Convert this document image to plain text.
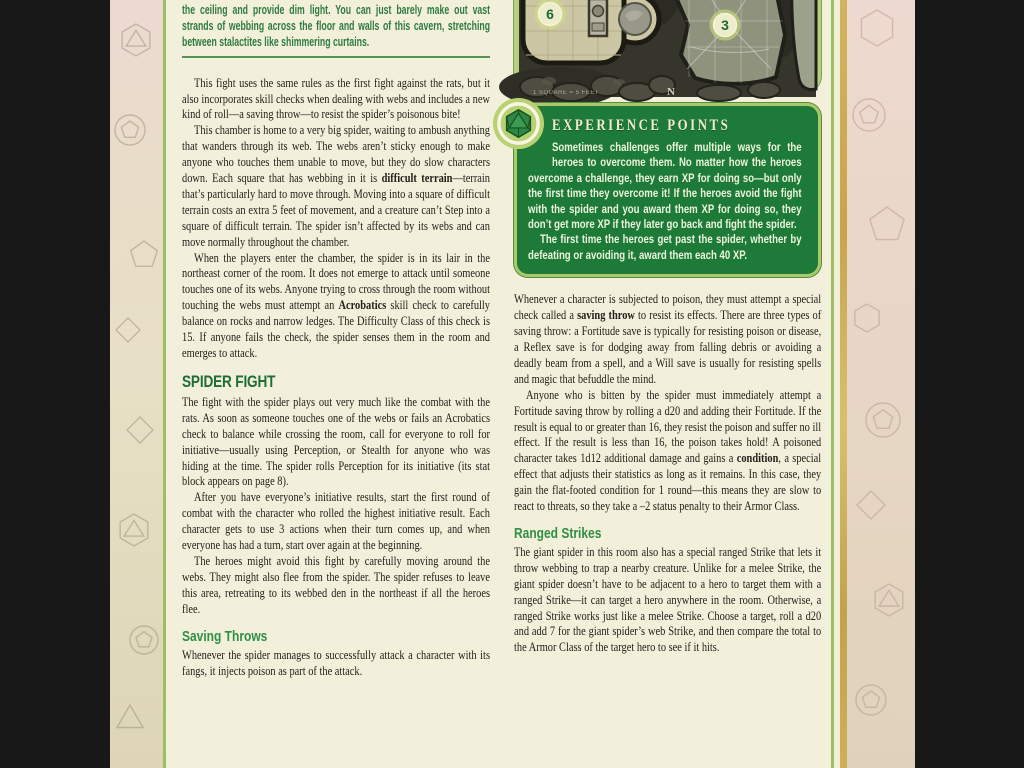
the ceiling and provide dim light. You can just barely make out vast strands of webbing across the floor and walls of this cavern, stretching between stalactites like shimmering curtains.

This fight uses the same rules as the first fight against the rats, but it also incorporates skill checks when dealing with webs and includes a new kind of roll—a saving throw—to resist the spider’s poisonous bite!

This chamber is home to a very big spider, waiting to ambush anything that wanders through its web. The webs aren’t sticky enough to make anyone who touches them unable to move, but they do slow characters down. Each square that has webbing in it is difficult terrain—terrain that’s particularly hard to move through. Moving into a square of difficult terrain costs an extra 5 feet of movement, and a creature can’t Step into a square of difficult terrain. The spider isn’t affected by its webs and can move normally throughout the chamber.

When the players enter the chamber, the spider is in its lair in the northeast corner of the room. It does not emerge to attack until someone touches one of its webs. Anyone trying to cross through the room without touching the webs must attempt an Acrobatics skill check to carefully balance on rocks and narrow ledges. The Difficulty Class of this check is 15. If anyone fails the check, the spider senses them in the room and emerges to attack.

SPIDER FIGHT

The fight with the spider plays out very much like the combat with the rats. As soon as someone touches one of the webs or fails an Acrobatics check to balance while crossing the room, call for everyone to roll for initiative—usually using Perception, or Stealth for anyone who was hiding at the time. The spider rolls Perception for its initiative (its stat block appears on page 8).

After you have everyone’s initiative results, start the first round of combat with the character who rolled the highest initiative result. Each character gets to use 3 actions when their turn comes up, and when everyone has had a turn, start over again at the beginning.

The heroes might avoid this fight by carefully moving around the webs. They might also flee from the spider. The spider refuses to leave this area, retreating to its webbed den in the northeast if all the heroes flee.

Saving Throws

Whenever the spider manages to successfully attack a character with its fangs, it injects poison as part of the attack.

6
3
N
1 SQUARE = 5 FEET
EXPERIENCE POINTS

Sometimes challenges offer multiple ways for the heroes to overcome them. No matter how the heroes overcome a challenge, they earn XP for doing so—but only the first time they overcome it! If the heroes avoid the fight with the spider and you award them XP for doing so, they don’t get more XP if they later go back and fight the spider.

The first time the heroes get past the spider, whether by defeating or avoiding it, award them each 40 XP.

Whenever a character is subjected to poison, they must attempt a special check called a saving throw to resist its effects. There are three types of saving throw: a Fortitude save is typically for resisting poison or disease, a Reflex save is for dodging away from falling debris or avoiding a deadly beam from a spell, and a Will save is usually for resisting spells and magic that befuddle the mind.

Anyone who is bitten by the spider must immediately attempt a Fortitude saving throw by rolling a d20 and adding their Fortitude. If the result is equal to or greater than 16, they resist the poison and suffer no ill effect. If the result is less than 16, the poison takes hold! A poisoned character takes 1d12 additional damage and gains a condition, a special effect that adjusts their statistics as long as it remains. In this case, they gain the flat-footed condition for 1 round—this means they are slow to react to threats, so they take a –2 status penalty to their Armor Class.

Ranged Strikes

The giant spider in this room also has a special ranged Strike that lets it throw webbing to trap a nearby creature. Unlike for a melee Strike, the giant spider doesn’t have to be adjacent to a hero to target them with a ranged Strike—it can target a hero anywhere in the room. Otherwise, a ranged Strike works just like a melee Strike. Choose a target, roll a d20 and add 7 for the giant spider’s web Strike, and then compare the total to the Armor Class of the target hero to see if it hits.
